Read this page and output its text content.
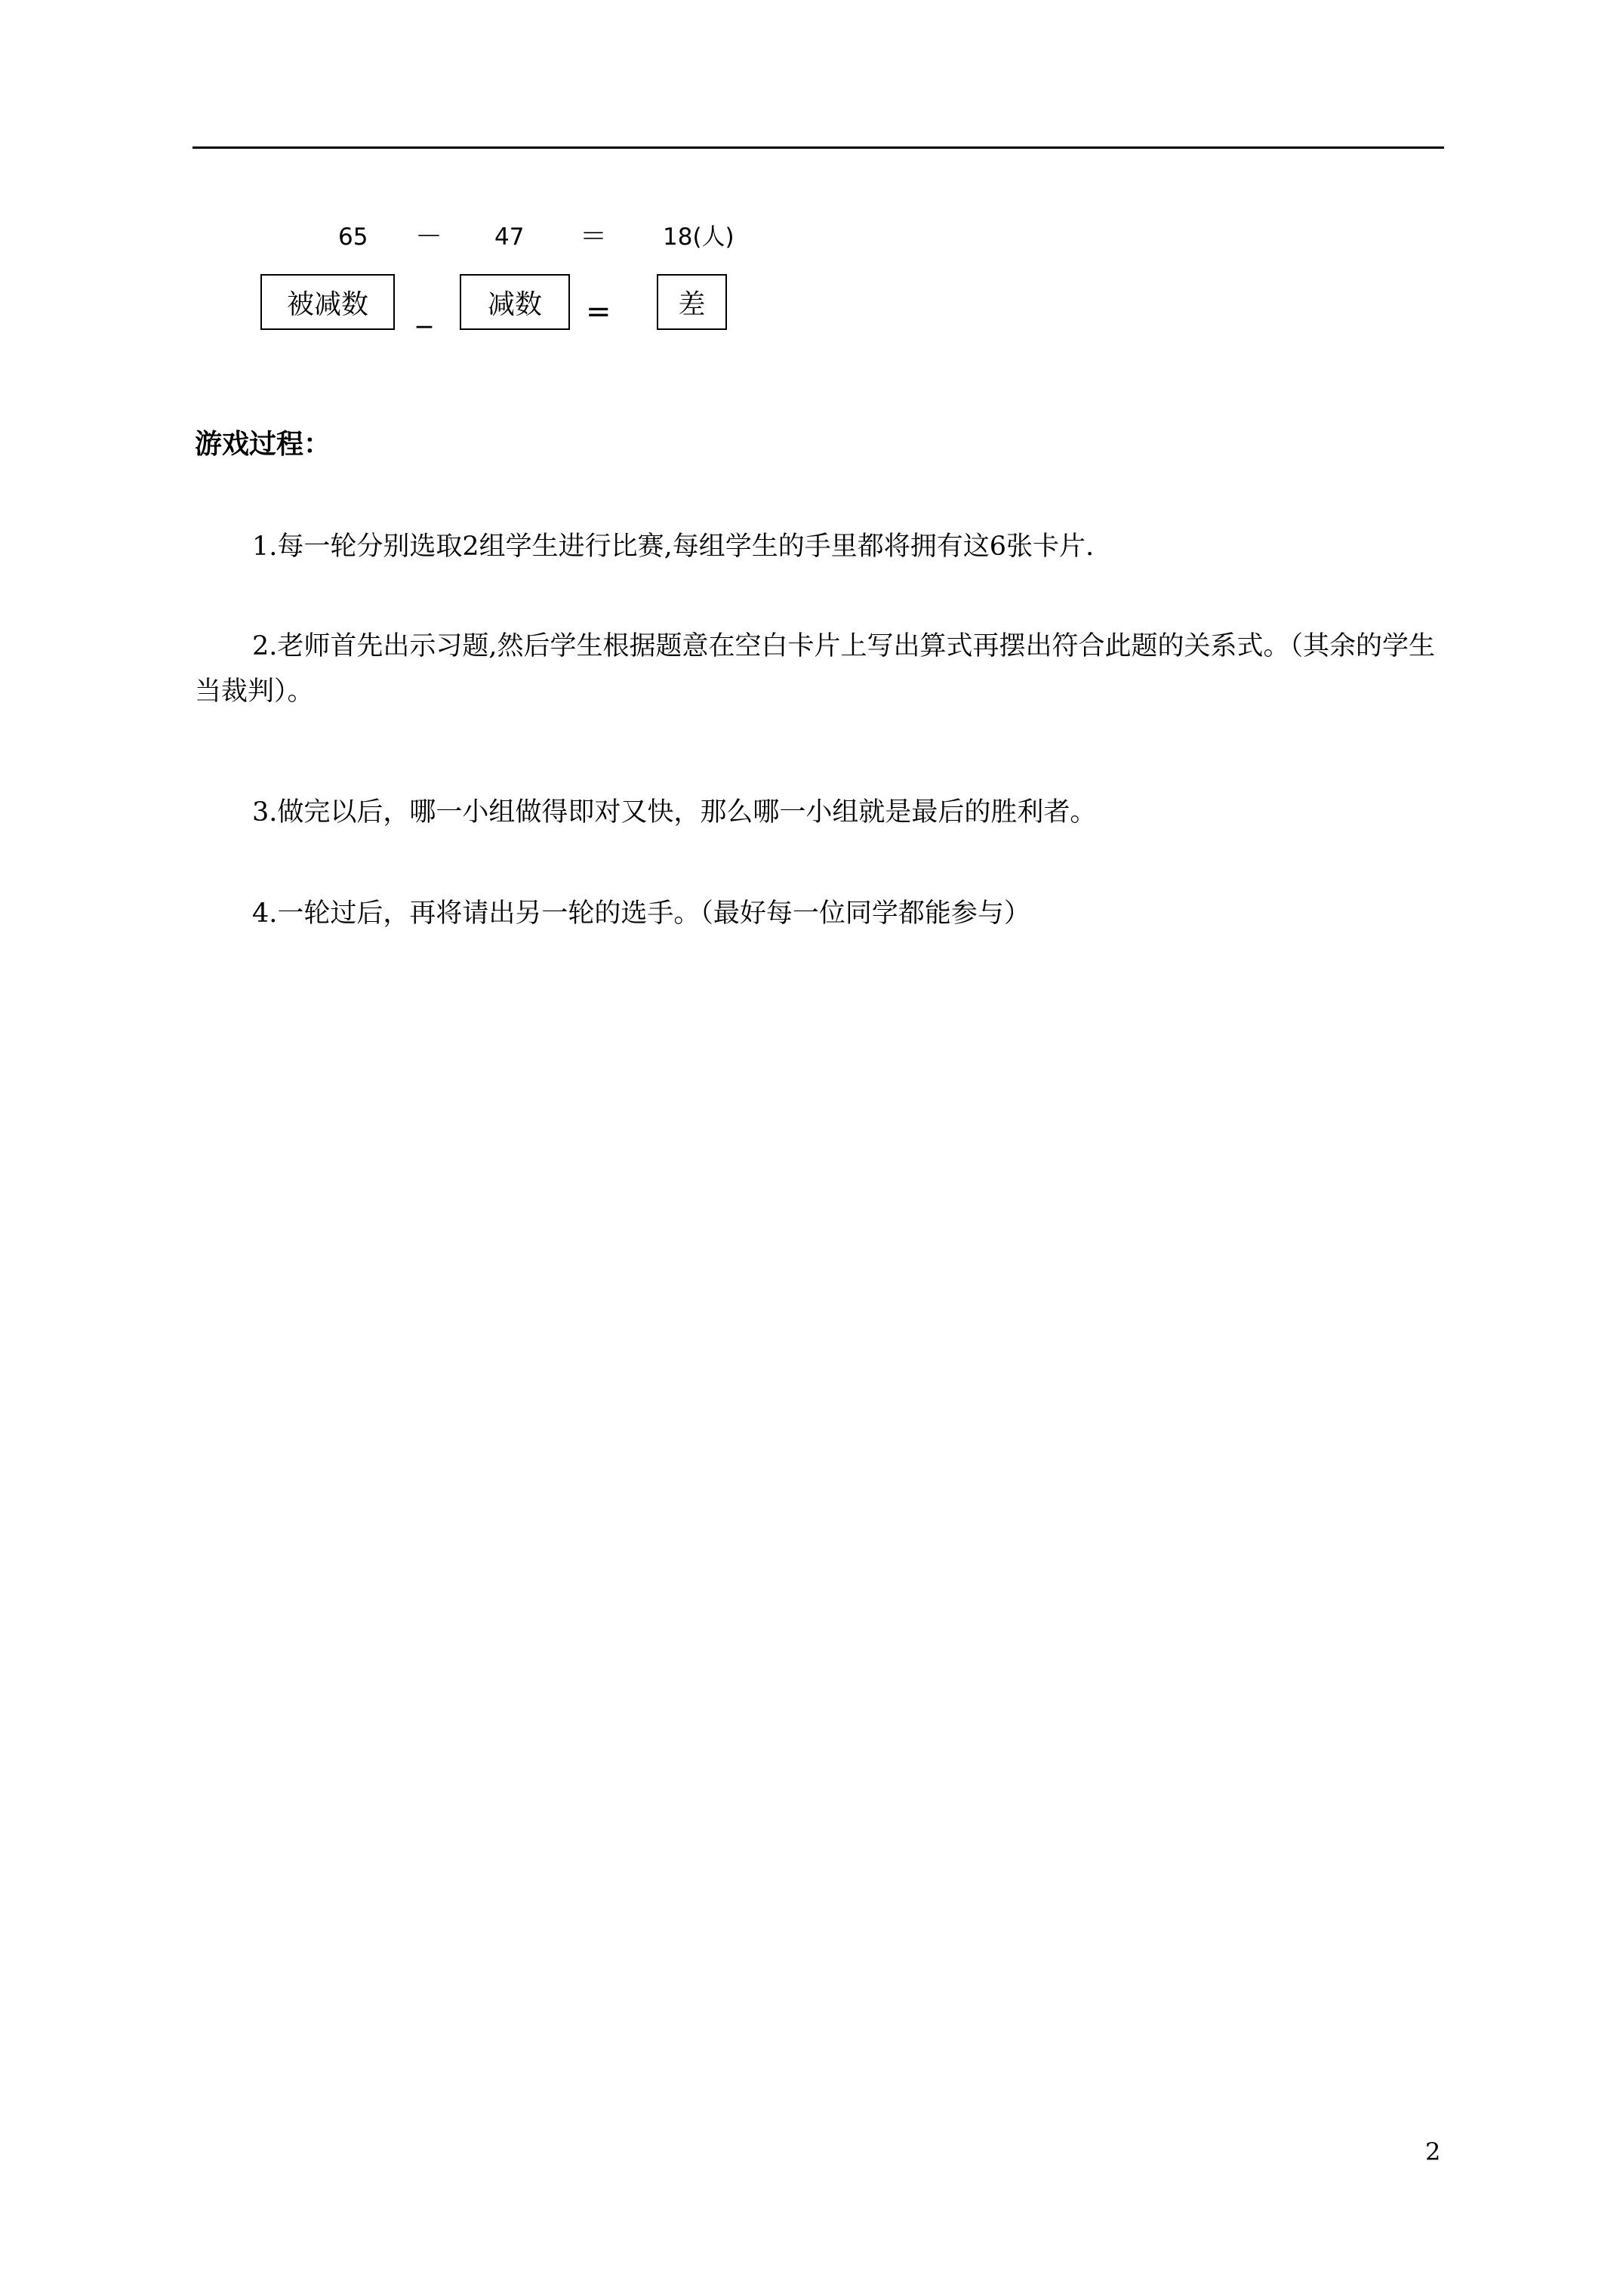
65 － 47 ＝ 18(人)
被减数 _ 减数 = 差
游戏过程：
1.每一轮分别选取2组学生进行比赛,每组学生的手里都将拥有这6张卡片.
2.老师首先出示习题,然后学生根据题意在空白卡片上写出算式再摆出符合此题的关系式。（其余的学生当裁判）。
3.做完以后，哪一小组做得即对又快，那么哪一小组就是最后的胜利者。
4.一轮过后，再将请出另一轮的选手。（最好每一位同学都能参与）
2
